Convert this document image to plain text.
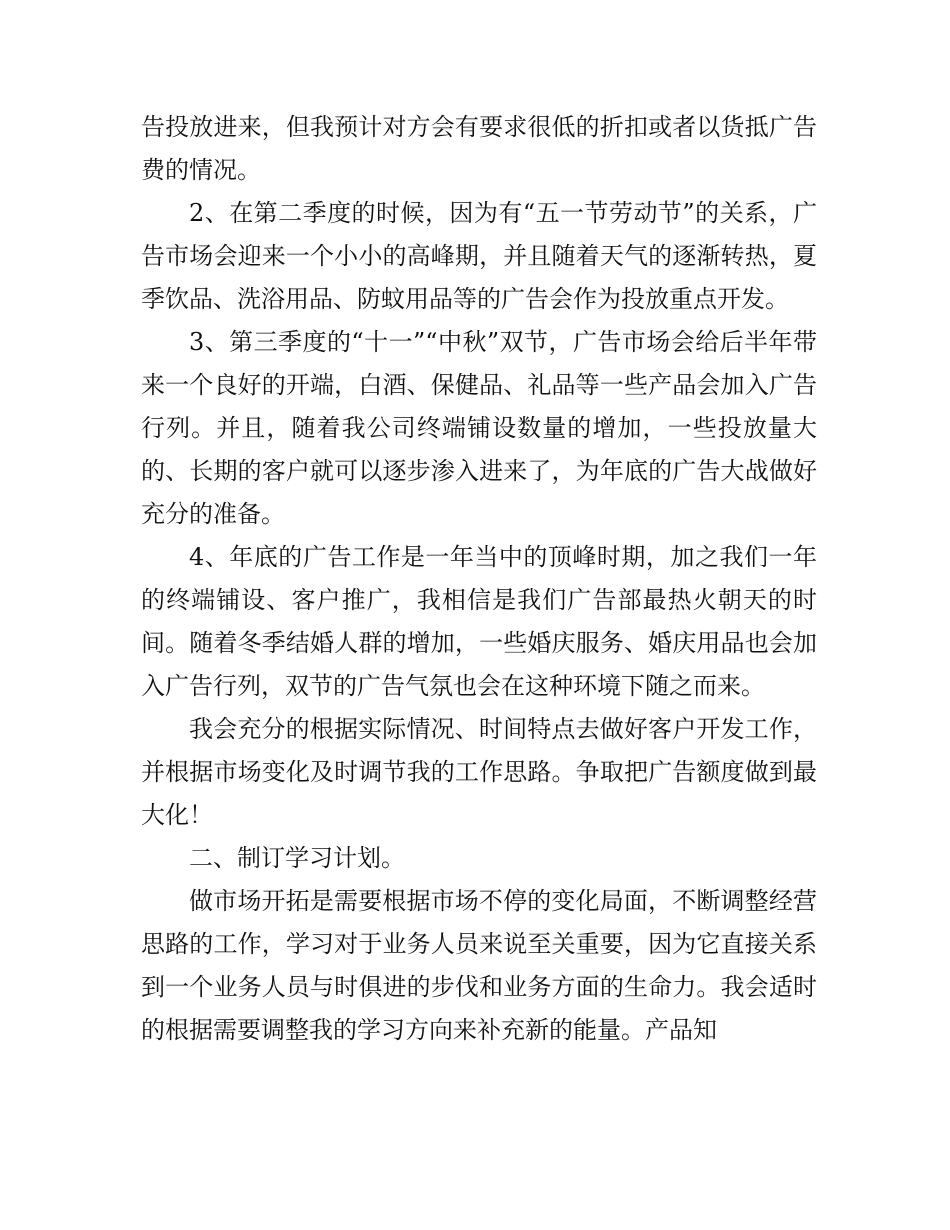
告投放进来，但我预计对方会有要求很低的折扣或者以货抵广告费的情况。

2、在第二季度的时候，因为有“五一节劳动节”的关系，广告市场会迎来一个小小的高峰期，并且随着天气的逐渐转热，夏季饮品、洗浴用品、防蚊用品等的广告会作为投放重点开发。

3、第三季度的“十一”“中秋”双节，广告市场会给后半年带来一个良好的开端，白酒、保健品、礼品等一些产品会加入广告行列。并且，随着我公司终端铺设数量的增加，一些投放量大的、长期的客户就可以逐步渗入进来了，为年底的广告大战做好充分的准备。

4、年底的广告工作是一年当中的顶峰时期，加之我们一年的终端铺设、客户推广，我相信是我们广告部最热火朝天的时间。随着冬季结婚人群的增加，一些婚庆服务、婚庆用品也会加入广告行列，双节的广告气氛也会在这种环境下随之而来。

我会充分的根据实际情况、时间特点去做好客户开发工作，并根据市场变化及时调节我的工作思路。争取把广告额度做到最大化！

二、制订学习计划。

做市场开拓是需要根据市场不停的变化局面，不断调整经营思路的工作，学习对于业务人员来说至关重要，因为它直接关系到一个业务人员与时俱进的步伐和业务方面的生命力。我会适时的根据需要调整我的学习方向来补充新的能量。产品知
